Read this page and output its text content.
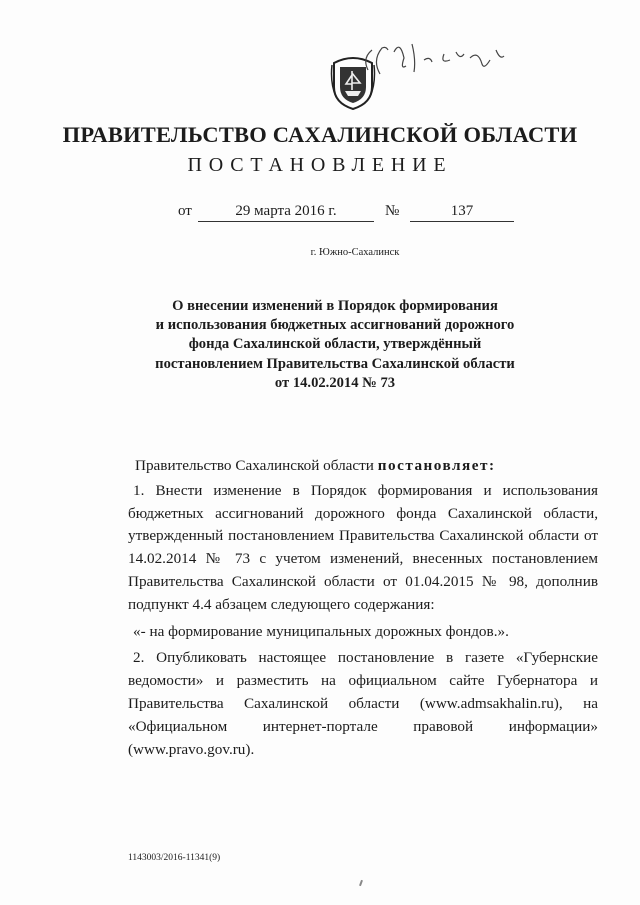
ПРАВИТЕЛЬСТВО САХАЛИНСКОЙ ОБЛАСТИ
ПОСТАНОВЛЕНИЕ
от	29 марта 2016 г.	№	137
г. Южно-Сахалинск
О внесении изменений в Порядок формирования
и использования бюджетных ассигнований дорожного
фонда Сахалинской области, утверждённый
постановлением Правительства Сахалинской области
от 14.02.2014 № 73

Правительство Сахалинской области постановляет:

1. Внести изменение в Порядок формирования и использования бюджетных ассигнований дорожного фонда Сахалинской области, утвержденный постановлением Правительства Сахалинской области от 14.02.2014 № 73 с учетом изменений, внесенных постановлением Правительства Сахалинской области от 01.04.2015 № 98, дополнив подпункт 4.4 абзацем следующего содержания:

«- на формирование муниципальных дорожных фондов.».

2. Опубликовать настоящее постановление в газете «Губернские ведомости» и разместить на официальном сайте Губернатора и Правительства Сахалинской области (www.admsakhalin.ru), на «Официальном интернет-портале правовой информации» (www.pravo.gov.ru).

1143003/2016-11341(9)
